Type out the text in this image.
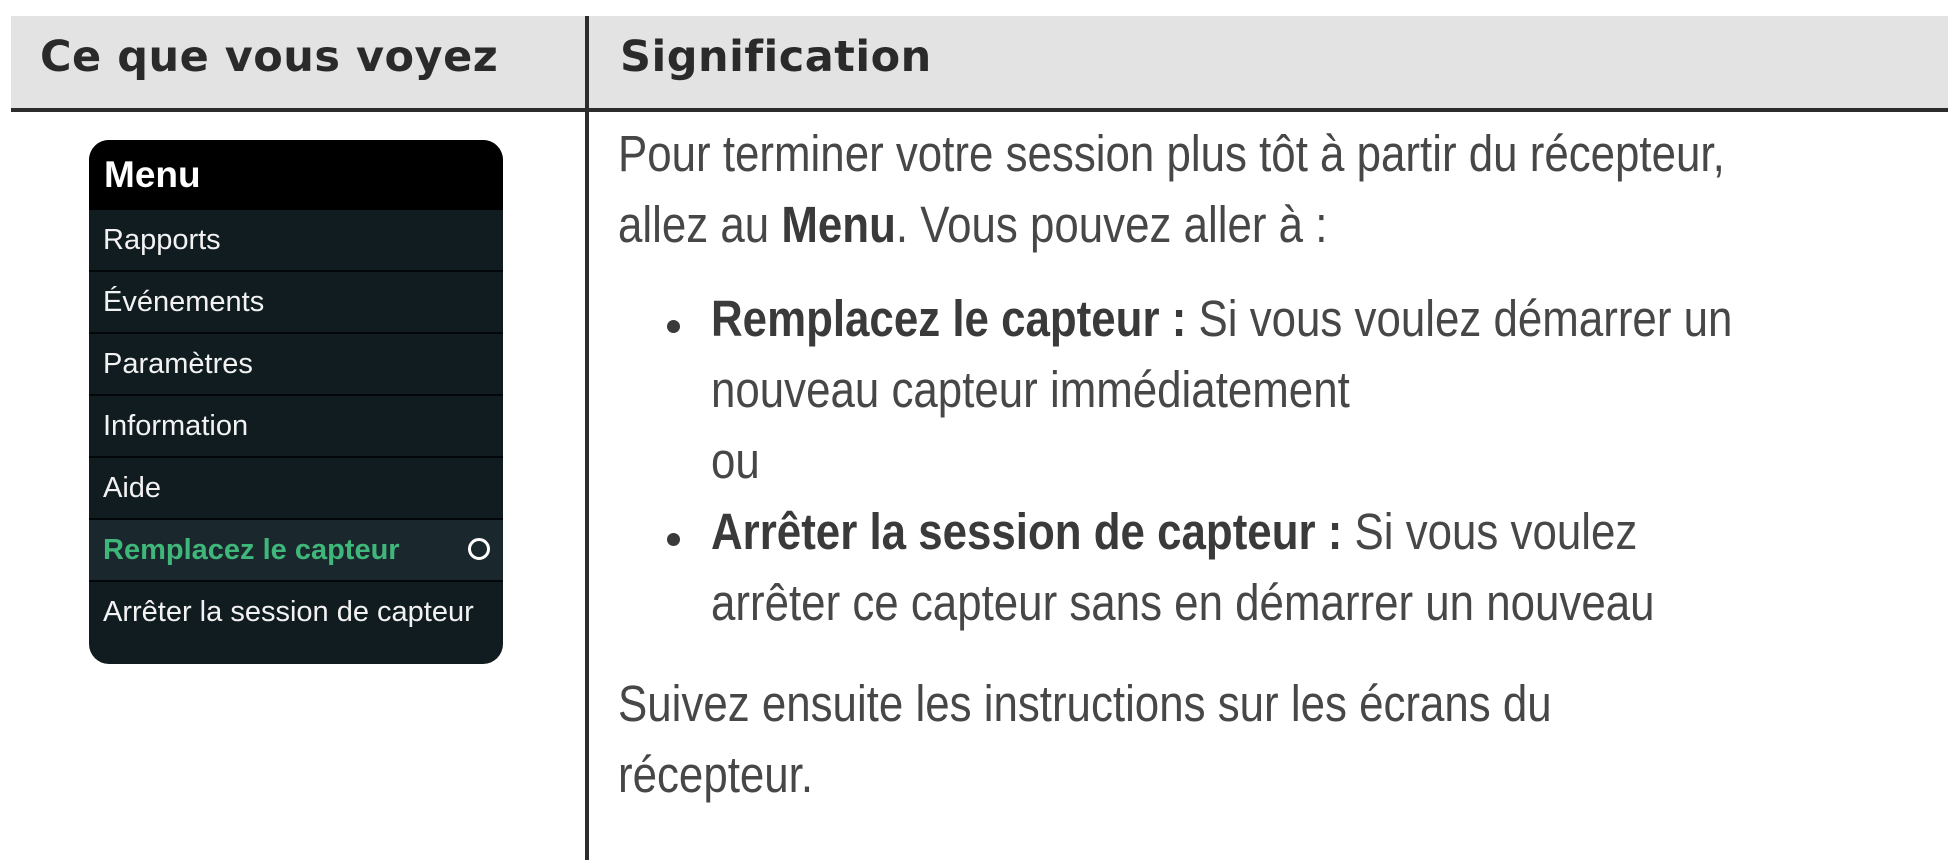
Ce que vous voyez	Signification
Menu
Rapports
Événements
Paramètres
Information
Aide
Remplacez le capteur
Arrêter la session de capteur

Pour terminer votre session plus tôt à partir du récepteur,
allez au Menu. Vous pouvez aller à :

Remplacez le capteur : Si vous voulez démarrer un
nouveau capteur immédiatement
ou
Arrêter la session de capteur : Si vous voulez
arrêter ce capteur sans en démarrer un nouveau

Suivez ensuite les instructions sur les écrans du
récepteur.
